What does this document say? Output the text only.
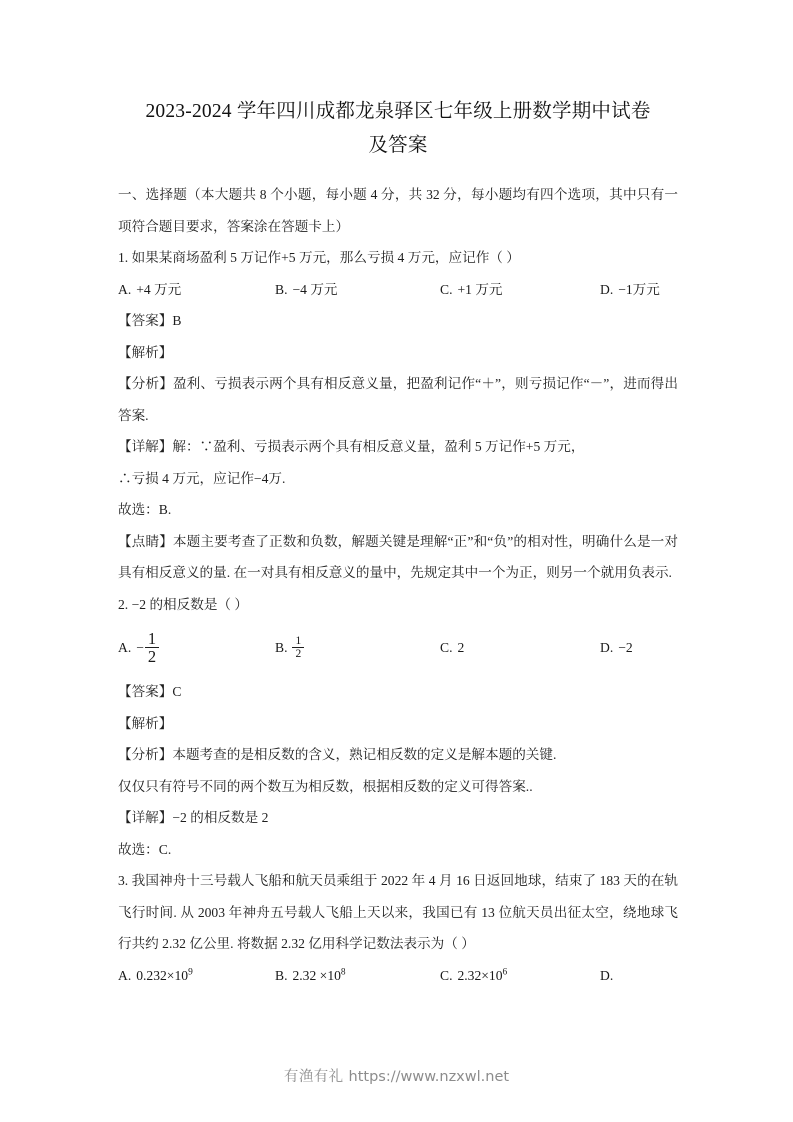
2023-2024 学年四川成都龙泉驿区七年级上册数学期中试卷
及答案

一、选择题（本大题共 8 个小题，每小题 4 分，共 32 分，每小题均有四个选项，其中只有一项符合题目要求，答案涂在答题卡上）

1. 如果某商场盈利 5 万记作+5 万元，那么亏损 4 万元，应记作（ ）

A. +4 万元	B. −4 万元	C. +1 万元	D. −1万元

【答案】B

【解析】

【分析】盈利、亏损表示两个具有相反意义量，把盈利记作“＋”，则亏损记作“－”，进而得出答案.

【详解】解：∵盈利、亏损表示两个具有相反意义量，盈利 5 万记作+5 万元，

∴亏损 4 万元，应记作−4万.

故选：B.

【点睛】本题主要考查了正数和负数，解题关键是理解“正”和“负”的相对性，明确什么是一对具有相反意义的量. 在一对具有相反意义的量中，先规定其中一个为正，则另一个就用负表示.

2. −2 的相反数是（ ）

A. − $\frac{1}{2}$	B. $\frac{1}{2}$	C. 2	D. −2

【答案】C

【解析】

【分析】本题考查的是相反数的含义，熟记相反数的定义是解本题的关键.

仅仅只有符号不同的两个数互为相反数，根据相反数的定义可得答案..

【详解】−2 的相反数是 2

故选：C.

3. 我国神舟十三号载人飞船和航天员乘组于 2022 年 4 月 16 日返回地球，结束了 183 天的在轨飞行时间. 从 2003 年神舟五号载人飞船上天以来，我国已有 13 位航天员出征太空，绕地球飞行共约 2.32 亿公里. 将数据 2.32 亿用科学记数法表示为（ ）

A. $0.232\times 10^9$	B. $2.32 \times 10^8$	C. $2.32\times 10^6$	D.
有渔有礼 https://www.nzxwl.net
